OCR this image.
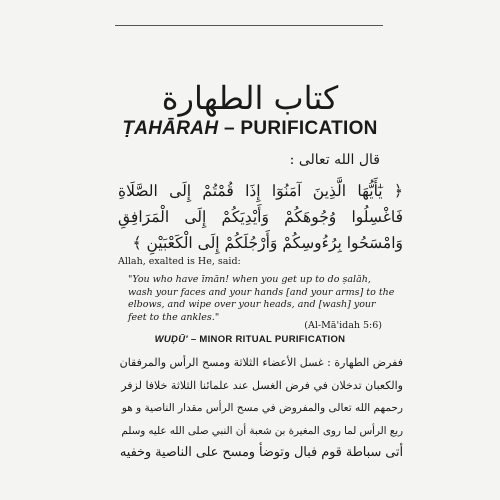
كتاب الطهارة
ṬAHĀRAH – PURIFICATION
قال الله تعالى :
﴿ يٰٓأَيُّهَا الَّذِينَ آمَنُوٓا إِذَا قُمْتُمْ إِلَى الصَّلَاةِ فَاغْسِلُوا وُجُوهَكُمْ وَأَيْدِيَكُمْ إِلَى الْمَرَافِقِ وَامْسَحُوا بِرُءُوسِكُمْ وَأَرْجُلَكُمْ إِلَى الْكَعْبَيْنِ ﴾
Allah, exalted is He, said:
"You who have īmān! when you get up to do ṣalāh, wash your faces and your hands [and your arms] to the elbows, and wipe over your heads, and [wash] your feet to the ankles."
(Al-Mā'idah 5:6)
WUḌŪ' – MINOR RITUAL PURIFICATION
ففرض الطهارة : غسل الأعضاء الثلاثة ومسح الرأس والمرفقان
والكعبان تدخلان في فرض الغسل عند علمائنا الثلاثة خلافا لزفر
رحمهم الله تعالى والمفروض في مسح الرأس مقدار الناصية و هو
ربع الرأس لما روى المغيرة بن شعبة أن النبي صلى الله عليه وسلم
أتى سباطة قوم فبال وتوضأ ومسح على الناصية وخفيه
